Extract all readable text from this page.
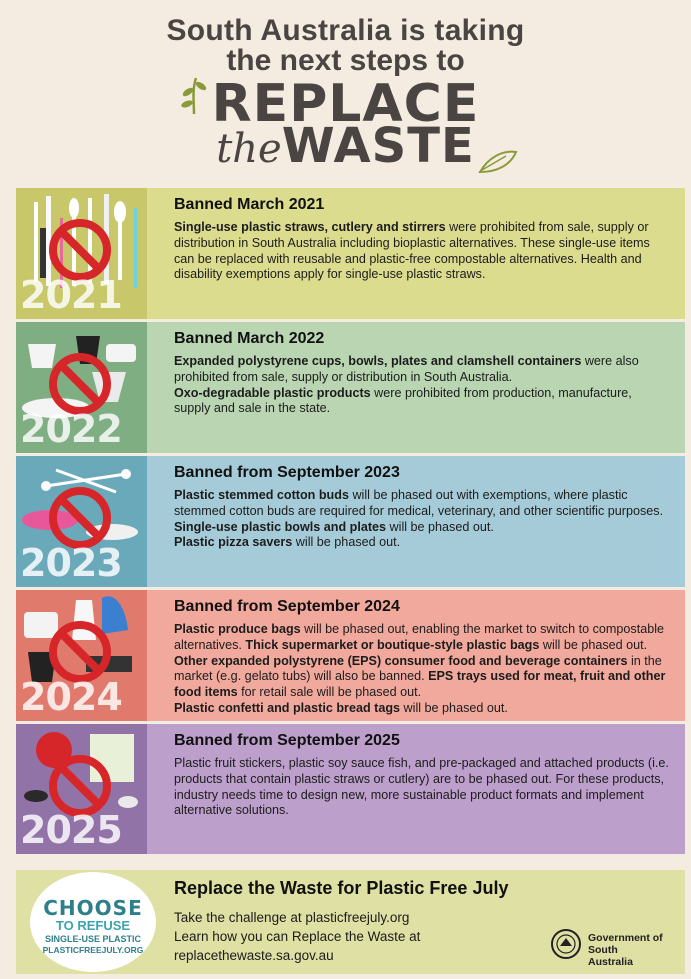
South Australia is taking
the next steps to
REPLACE
theWASTE
2021
Banned March 2021

Single-use plastic straws, cutlery and stirrers were prohibited from sale, supply or distribution in South Australia including bioplastic alternatives. These single-use items can be replaced with reusable and plastic-free compostable alternatives. Health and disability exemptions apply for single-use plastic straws.

2022
Banned March 2022

Expanded polystyrene cups, bowls, plates and clamshell containers were also prohibited from sale, supply or distribution in South Australia.
Oxo-degradable plastic products were prohibited from production, manufacture, supply and sale in the state.

2023
Banned from September 2023

Plastic stemmed cotton buds will be phased out with exemptions, where plastic stemmed cotton buds are required for medical, veterinary, and other scientific purposes.
Single-use plastic bowls and plates will be phased out.
Plastic pizza savers will be phased out.

2024
Banned from September 2024

Plastic produce bags will be phased out, enabling the market to switch to compostable alternatives. Thick supermarket or boutique-style plastic bags will be phased out. Other expanded polystyrene (EPS) consumer food and beverage containers in the market (e.g. gelato tubs) will also be banned. EPS trays used for meat, fruit and other food items for retail sale will be phased out.
Plastic confetti and plastic bread tags will be phased out.

2025
Banned from September 2025

Plastic fruit stickers, plastic soy sauce fish, and pre-packaged and attached products (i.e. products that contain plastic straws or cutlery) are to be phased out. For these products, industry needs time to design new, more sustainable product formats and implement alternative solutions.

CHOOSE
TO REFUSE
SINGLE-USE PLASTIC
PLASTICFREEJULY.ORG
Replace the Waste for Plastic Free July
Take the challenge at plasticfreejuly.org
Learn how you can Replace the Waste at
replacethewaste.sa.gov.au
Government of
South Australia
